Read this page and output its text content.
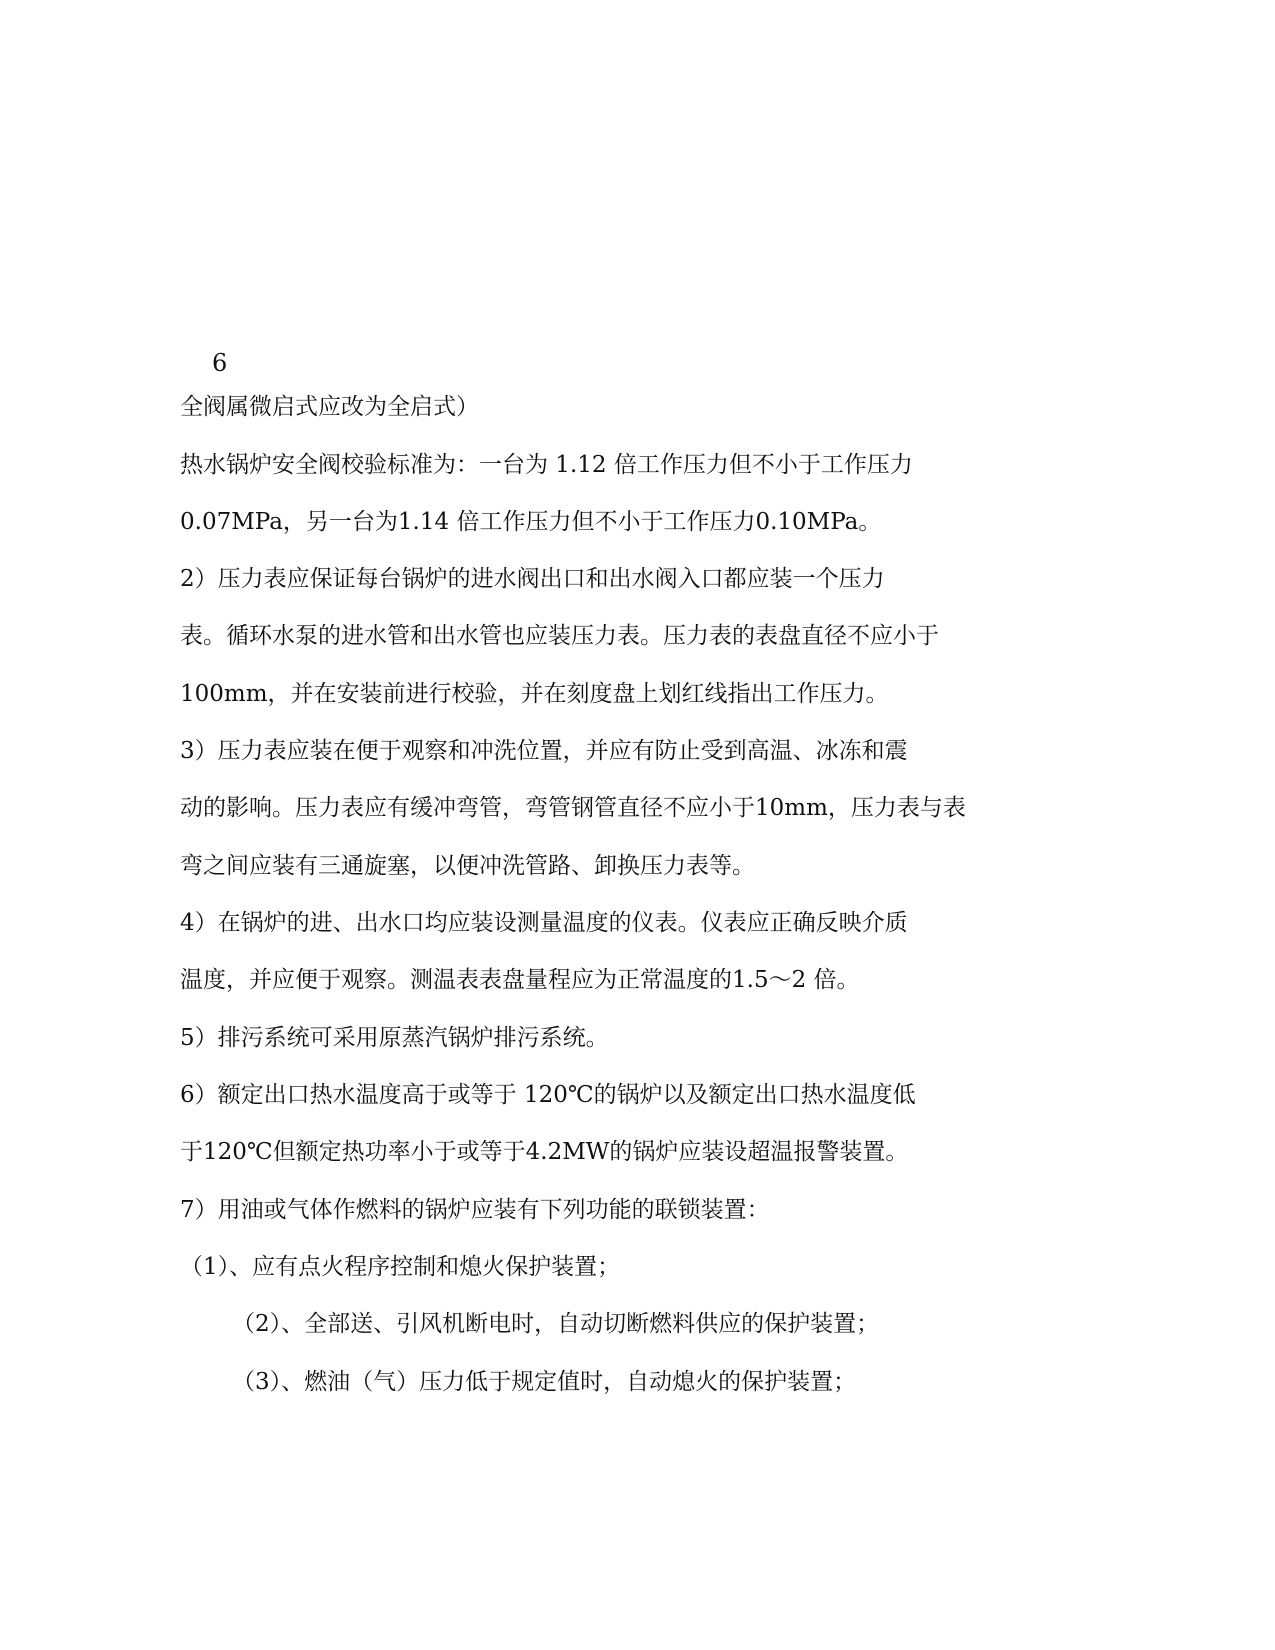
6
全阀属微启式应改为全启式）
热水锅炉安全阀校验标准为：一台为 1.12 倍工作压力但不小于工作压力
0.07MPa，另一台为1.14 倍工作压力但不小于工作压力0.10MPa。
2）压力表应保证每台锅炉的进水阀出口和出水阀入口都应装一个压力
表。循环水泵的进水管和出水管也应装压力表。压力表的表盘直径不应小于
100mm，并在安装前进行校验，并在刻度盘上划红线指出工作压力。
3）压力表应装在便于观察和冲洗位置，并应有防止受到高温、冰冻和震
动的影响。压力表应有缓冲弯管，弯管钢管直径不应小于10mm，压力表与表
弯之间应装有三通旋塞，以便冲洗管路、卸换压力表等。
4）在锅炉的进、出水口均应装设测量温度的仪表。仪表应正确反映介质
温度，并应便于观察。测温表表盘量程应为正常温度的1.5～2 倍。
5）排污系统可采用原蒸汽锅炉排污系统。
6）额定出口热水温度高于或等于 120℃的锅炉以及额定出口热水温度低
于120℃但额定热功率小于或等于4.2MW的锅炉应装设超温报警装置。
7）用油或气体作燃料的锅炉应装有下列功能的联锁装置：
（1）、应有点火程序控制和熄火保护装置；
（2）、全部送、引风机断电时，自动切断燃料供应的保护装置；
（3）、燃油（气）压力低于规定值时，自动熄火的保护装置；
